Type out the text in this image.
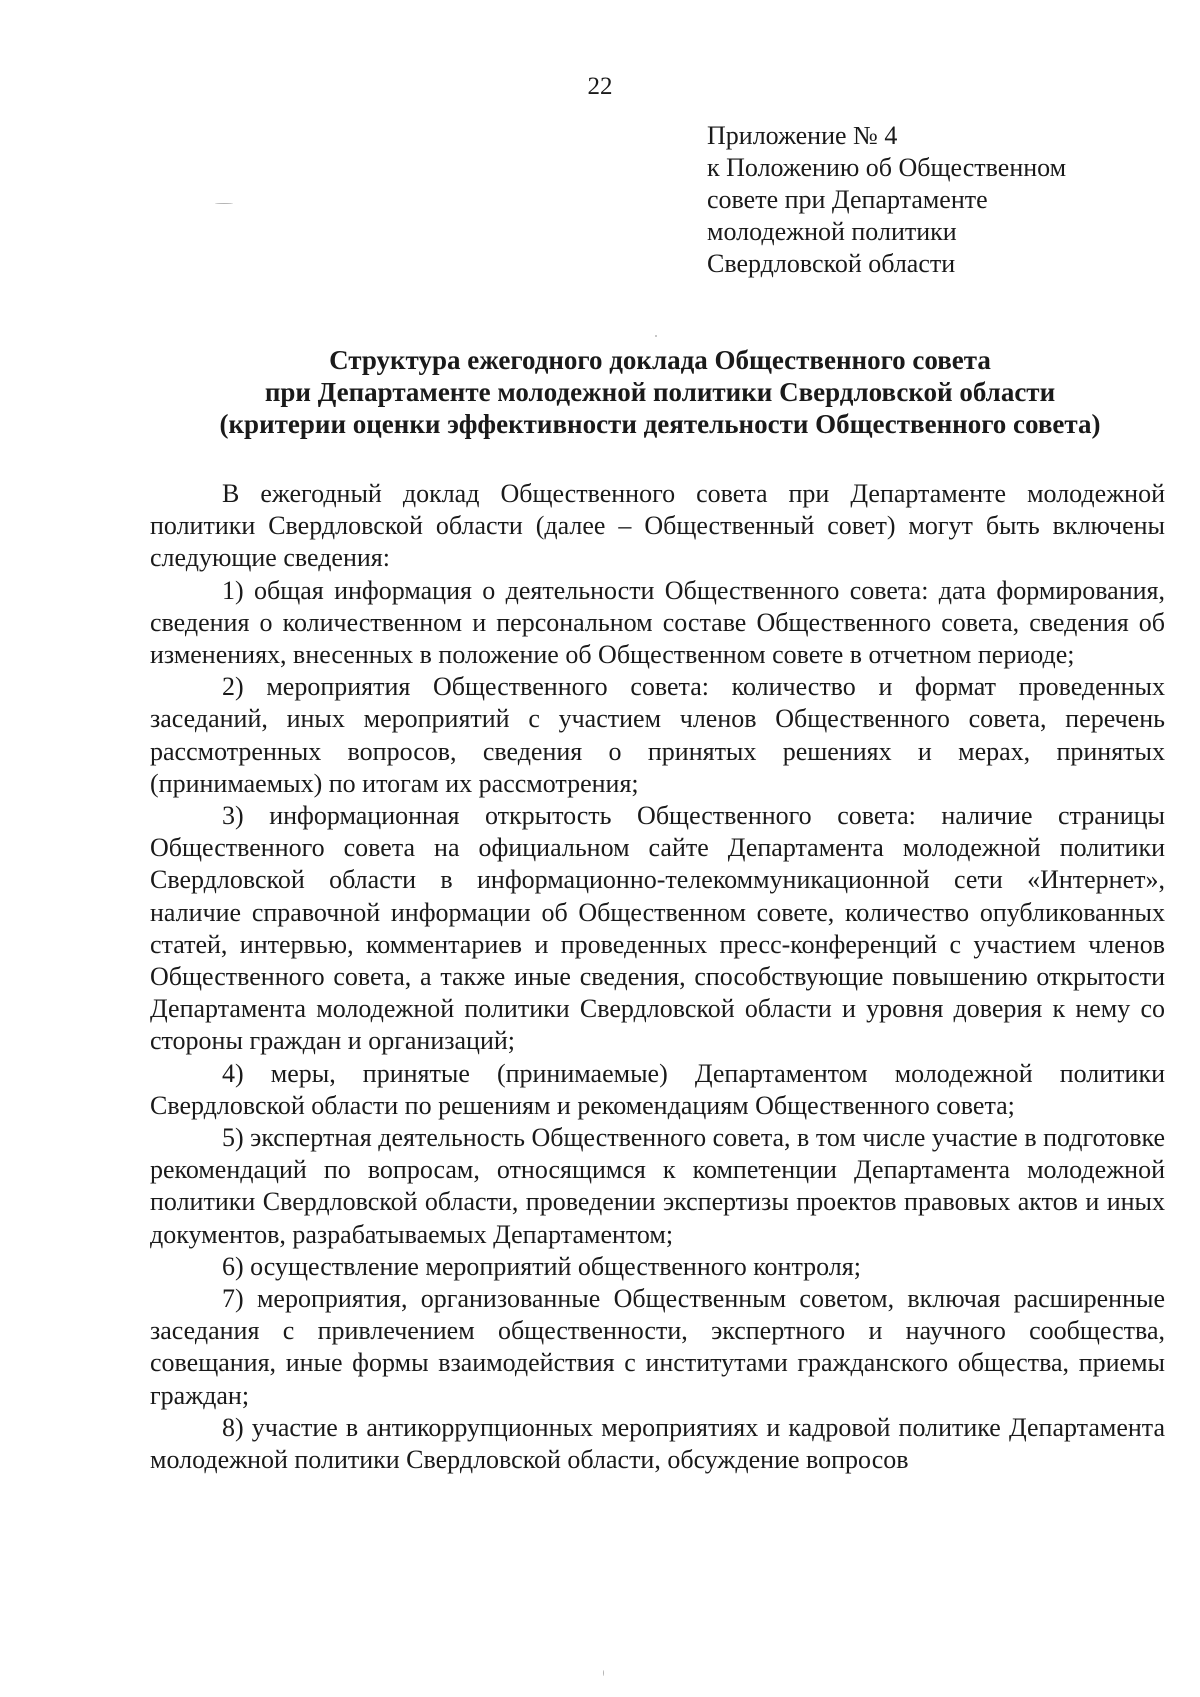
22
Приложение № 4
к Положению об Общественном
совете при Департаменте
молодежной политики
Свердловской области
Структура ежегодного доклада Общественного совета
при Департаменте молодежной политики Свердловской области
(критерии оценки эффективности деятельности Общественного совета)

В ежегодный доклад Общественного совета при Департаменте молодежной политики Свердловской области (далее – Общественный совет) могут быть включены следующие сведения:

1) общая информация о деятельности Общественного совета: дата формирования, сведения о количественном и персональном составе Общественного совета, сведения об изменениях, внесенных в положение об Общественном совете в отчетном периоде;

2) мероприятия Общественного совета: количество и формат проведенных заседаний, иных мероприятий с участием членов Общественного совета, перечень рассмотренных вопросов, сведения о принятых решениях и мерах, принятых (принимаемых) по итогам их рассмотрения;

3) информационная открытость Общественного совета: наличие страницы Общественного совета на официальном сайте Департамента молодежной политики Свердловской области в информационно-телекоммуникационной сети «Интернет», наличие справочной информации об Общественном совете, количество опубликованных статей, интервью, комментариев и проведенных пресс-конференций с участием членов Общественного совета, а также иные сведения, способствующие повышению открытости Департамента молодежной политики Свердловской области и уровня доверия к нему со стороны граждан и организаций;

4) меры, принятые (принимаемые) Департаментом молодежной политики Свердловской области по решениям и рекомендациям Общественного совета;

5) экспертная деятельность Общественного совета, в том числе участие в подготовке рекомендаций по вопросам, относящимся к компетенции Департамента молодежной политики Свердловской области, проведении экспертизы проектов правовых актов и иных документов, разрабатываемых Департаментом;

6) осуществление мероприятий общественного контроля;

7) мероприятия, организованные Общественным советом, включая расширенные заседания с привлечением общественности, экспертного и научного сообщества, совещания, иные формы взаимодействия с институтами гражданского общества, приемы граждан;

8) участие в антикоррупционных мероприятиях и кадровой политике Департамента молодежной политики Свердловской области, обсуждение вопросов
